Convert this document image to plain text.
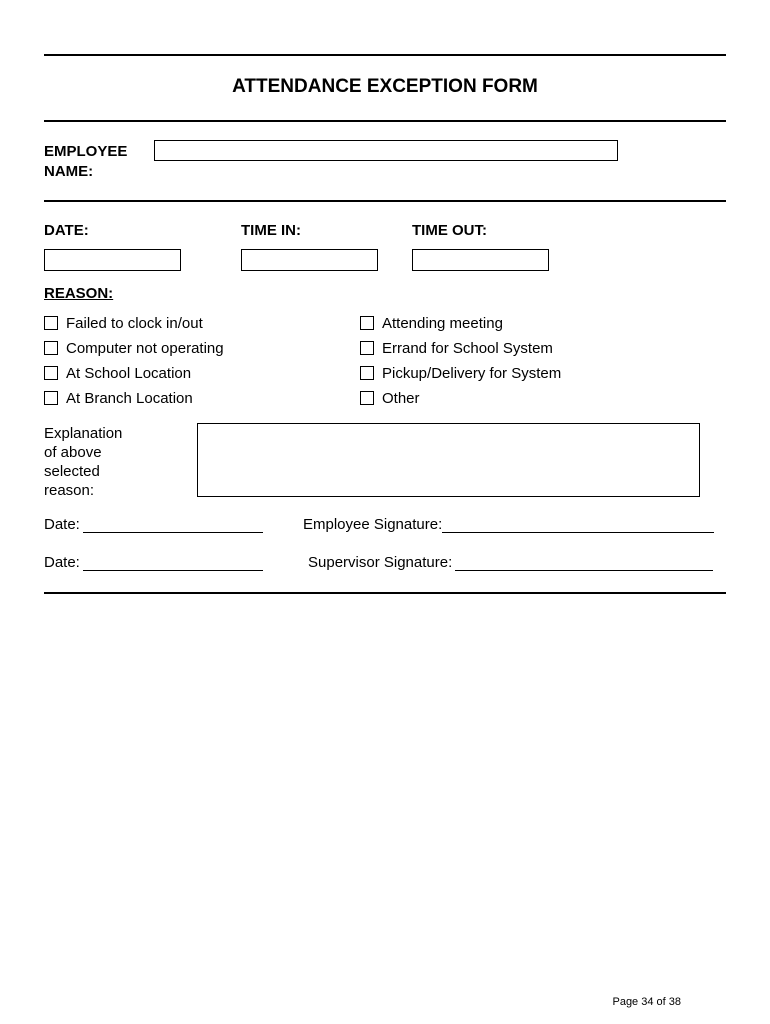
ATTENDANCE EXCEPTION FORM
EMPLOYEE NAME:
DATE:	TIME IN:	TIME OUT:
REASON:
Failed to clock in/out
Computer not operating
At School Location
At Branch Location
Attending meeting
Errand for School System
Pickup/Delivery for System
Other
Explanation of above selected reason:
Date:	Employee Signature:
Date:	Supervisor Signature:
Page 34 of 38
